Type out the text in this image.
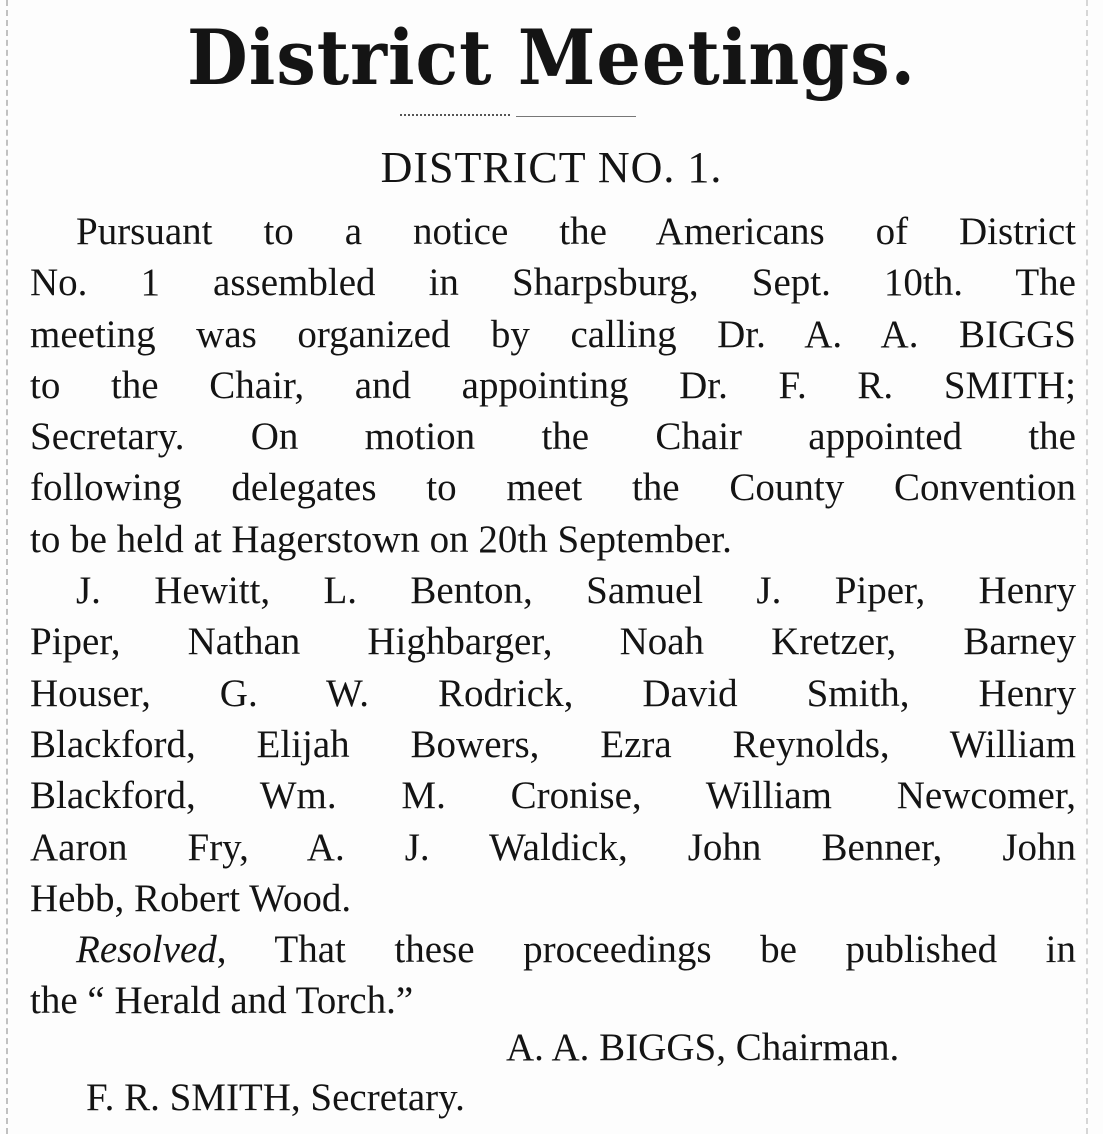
District Meetings.
DISTRICT NO. 1.
Pursuant to a notice the Americans of District
No. 1 assembled in Sharpsburg, Sept. 10th. The
meeting was organized by calling Dr. A. A. BIGGS
to the Chair, and appointing Dr. F. R. SMITH;
Secretary. On motion the Chair appointed the
following delegates to meet the County Convention
to be held at Hagerstown on 20th September.
J. Hewitt, L. Benton, Samuel J. Piper, Henry
Piper, Nathan Highbarger, Noah Kretzer, Barney
Houser, G. W. Rodrick, David Smith, Henry
Blackford, Elijah Bowers, Ezra Reynolds, William
Blackford, Wm. M. Cronise, William Newcomer,
Aaron Fry, A. J. Waldick, John Benner, John
Hebb, Robert Wood.
Resolved, That these proceedings be published in
the “ Herald and Torch.”
A. A. BIGGS, Chairman.
F. R. SMITH, Secretary.
